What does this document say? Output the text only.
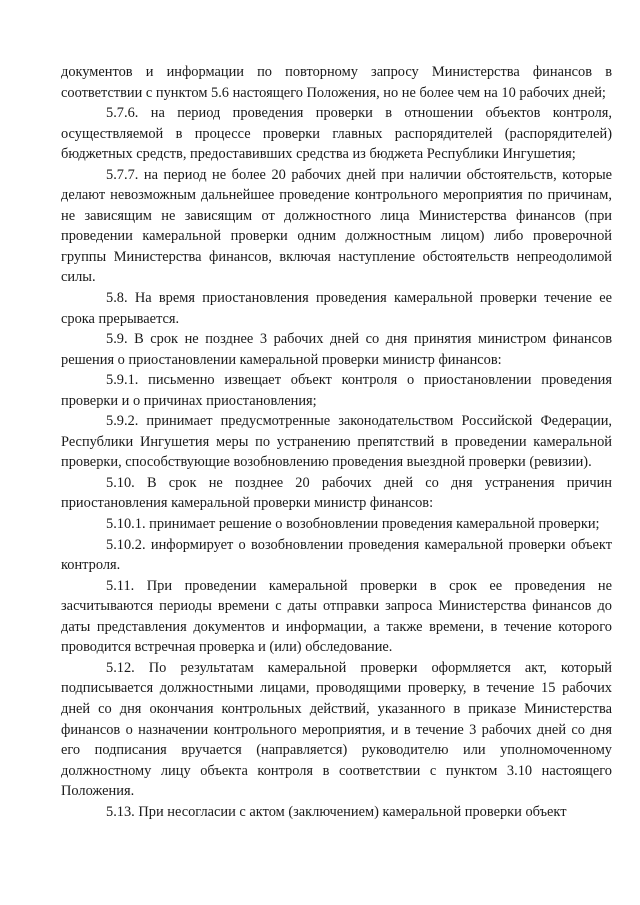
документов и информации по повторному запросу Министерства финансов в соответствии с пунктом 5.6 настоящего Положения, но не более чем на 10 рабочих дней;

5.7.6. на период проведения проверки в отношении объектов контроля, осуществляемой в процессе проверки главных распорядителей (распорядителей) бюджетных средств, предоставивших средства из бюджета Республики Ингушетия;

5.7.7. на период не более 20 рабочих дней при наличии обстоятельств, которые делают невозможным дальнейшее проведение контрольного мероприятия по причинам, не зависящим не зависящим от должностного лица Министерства финансов (при проведении камеральной проверки одним должностным лицом) либо проверочной группы Министерства финансов, включая наступление обстоятельств непреодолимой силы.

5.8. На время приостановления проведения камеральной проверки течение ее срока прерывается.

5.9. В срок не позднее 3 рабочих дней со дня принятия министром финансов решения о приостановлении камеральной проверки министр финансов:

5.9.1. письменно извещает объект контроля о приостановлении проведения проверки и о причинах приостановления;

5.9.2. принимает предусмотренные законодательством Российской Федерации, Республики Ингушетия меры по устранению препятствий в проведении камеральной проверки, способствующие возобновлению проведения выездной проверки (ревизии).

5.10. В срок не позднее 20 рабочих дней со дня устранения причин приостановления камеральной проверки министр финансов:

5.10.1. принимает решение о возобновлении проведения камеральной проверки;

5.10.2. информирует о возобновлении проведения камеральной проверки объект контроля.

5.11. При проведении камеральной проверки в срок ее проведения не засчитываются периоды времени с даты отправки запроса Министерства финансов до даты представления документов и информации, а также времени, в течение которого проводится встречная проверка и (или) обследование.

5.12. По результатам камеральной проверки оформляется акт, который подписывается должностными лицами, проводящими проверку, в течение 15 рабочих дней со дня окончания контрольных действий, указанного в приказе Министерства финансов о назначении контрольного мероприятия, и в течение 3 рабочих дней со дня его подписания вручается (направляется) руководителю или уполномоченному должностному лицу объекта контроля в соответствии с пунктом 3.10 настоящего Положения.

5.13. При несогласии с актом (заключением) камеральной проверки объект
